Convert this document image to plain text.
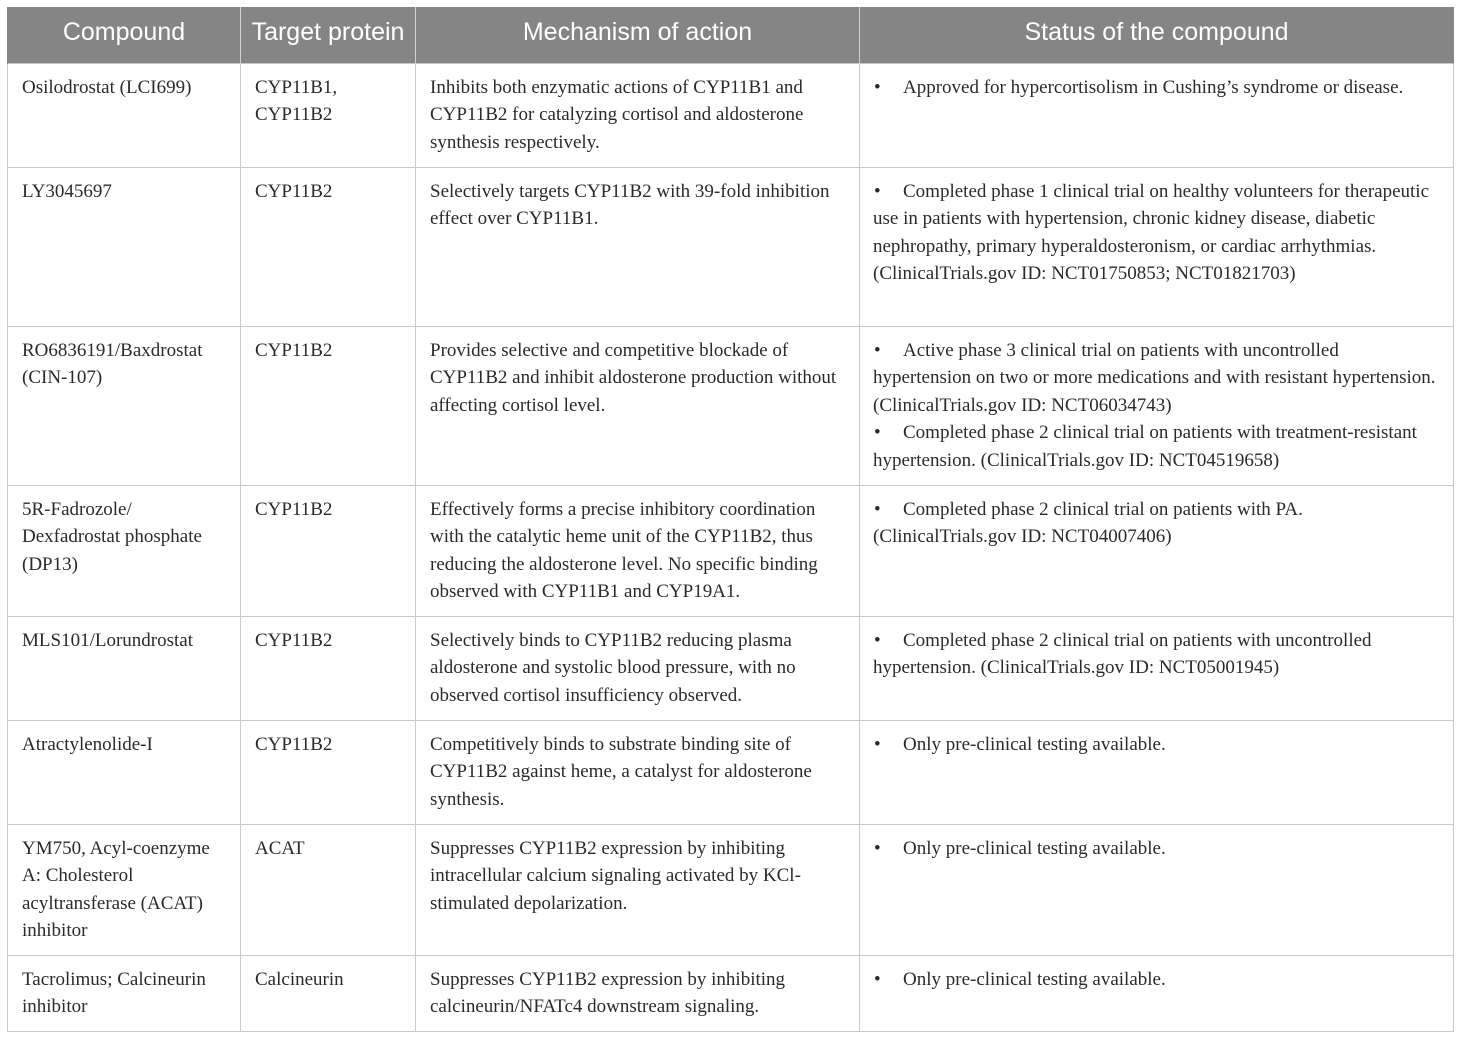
Compound	Target protein	Mechanism of action	Status of the compound
Osilodrostat (LCI699)	CYP11B1, CYP11B2	Inhibits both enzymatic actions of CYP11B1 and CYP11B2 for catalyzing cortisol and aldosterone synthesis respectively.	• Approved for hypercortisolism in Cushing’s syndrome or disease.

LY3045697	CYP11B2	Selectively targets CYP11B2 with 39-fold inhibition effect over CYP11B1.	• Completed phase 1 clinical trial on healthy volunteers for therapeutic use in patients with hypertension, chronic kidney disease, diabetic nephropathy, primary hyperaldosteronism, or cardiac arrhythmias. (ClinicalTrials.gov ID: NCT01750853; NCT01821703)

RO6836191/Baxdrostat (CIN-107)	CYP11B2	Provides selective and competitive blockade of CYP11B2 and inhibit aldosterone production without affecting cortisol level.	• Active phase 3 clinical trial on patients with uncontrolled hypertension on two or more medications and with resistant hypertension. (ClinicalTrials.gov ID: NCT06034743)
• Completed phase 2 clinical trial on patients with treatment-resistant hypertension. (ClinicalTrials.gov ID: NCT04519658)

5R-Fadrozole/ Dexfadrostat phosphate (DP13)	CYP11B2	Effectively forms a precise inhibitory coordination with the catalytic heme unit of the CYP11B2, thus reducing the aldosterone level. No specific binding observed with CYP11B1 and CYP19A1.	• Completed phase 2 clinical trial on patients with PA. (ClinicalTrials.gov ID: NCT04007406)

MLS101/Lorundrostat	CYP11B2	Selectively binds to CYP11B2 reducing plasma aldosterone and systolic blood pressure, with no observed cortisol insufficiency observed.	• Completed phase 2 clinical trial on patients with uncontrolled hypertension. (ClinicalTrials.gov ID: NCT05001945)

Atractylenolide-I	CYP11B2	Competitively binds to substrate binding site of CYP11B2 against heme, a catalyst for aldosterone synthesis.	• Only pre-clinical testing available.

YM750, Acyl-coenzyme A: Cholesterol acyltransferase (ACAT) inhibitor	ACAT	Suppresses CYP11B2 expression by inhibiting intracellular calcium signaling activated by KCl-stimulated depolarization.	• Only pre-clinical testing available.

Tacrolimus; Calcineurin inhibitor	Calcineurin	Suppresses CYP11B2 expression by inhibiting calcineurin/NFATc4 downstream signaling.	• Only pre-clinical testing available.
